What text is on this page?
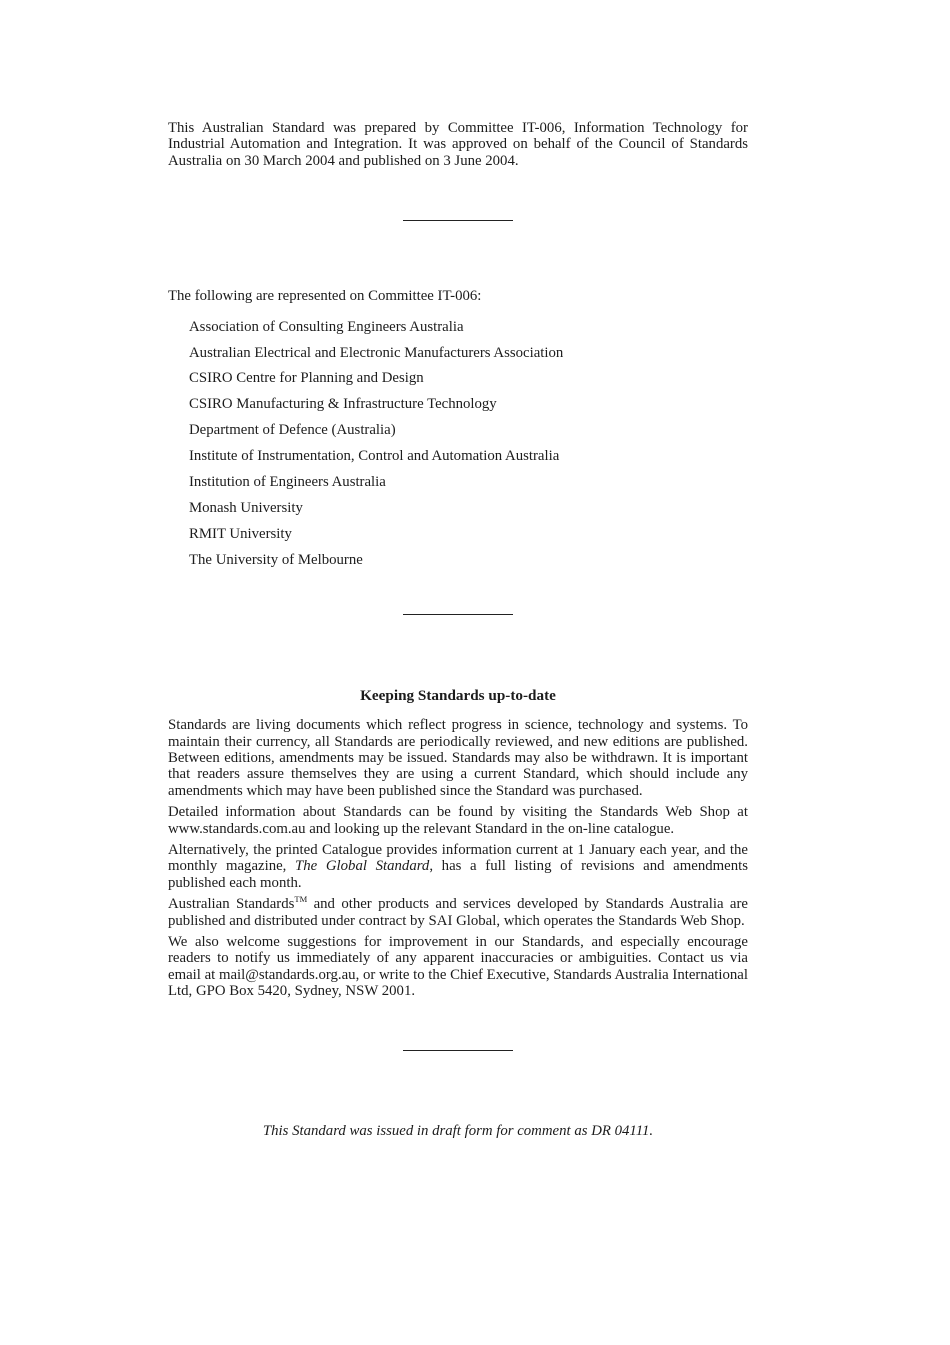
This Australian Standard was prepared by Committee IT-006, Information Technology for Industrial Automation and Integration. It was approved on behalf of the Council of Standards Australia on 30 March 2004 and published on 3 June 2004.

The following are represented on Committee IT-006:

Association of Consulting Engineers Australia
Australian Electrical and Electronic Manufacturers Association
CSIRO Centre for Planning and Design
CSIRO Manufacturing & Infrastructure Technology
Department of Defence (Australia)
Institute of Instrumentation, Control and Automation Australia
Institution of Engineers Australia
Monash University
RMIT University
The University of Melbourne
Keeping Standards up-to-date

Standards are living documents which reflect progress in science, technology and systems. To maintain their currency, all Standards are periodically reviewed, and new editions are published. Between editions, amendments may be issued. Standards may also be withdrawn. It is important that readers assure themselves they are using a current Standard, which should include any amendments which may have been published since the Standard was purchased.

Detailed information about Standards can be found by visiting the Standards Web Shop at www.standards.com.au and looking up the relevant Standard in the on-line catalogue.

Alternatively, the printed Catalogue provides information current at 1 January each year, and the monthly magazine, The Global Standard, has a full listing of revisions and amendments published each month.

Australian Standards™ and other products and services developed by Standards Australia are published and distributed under contract by SAI Global, which operates the Standards Web Shop.

We also welcome suggestions for improvement in our Standards, and especially encourage readers to notify us immediately of any apparent inaccuracies or ambiguities. Contact us via email at mail@standards.org.au, or write to the Chief Executive, Standards Australia International Ltd, GPO Box 5420, Sydney, NSW 2001.

This Standard was issued in draft form for comment as DR 04111.
